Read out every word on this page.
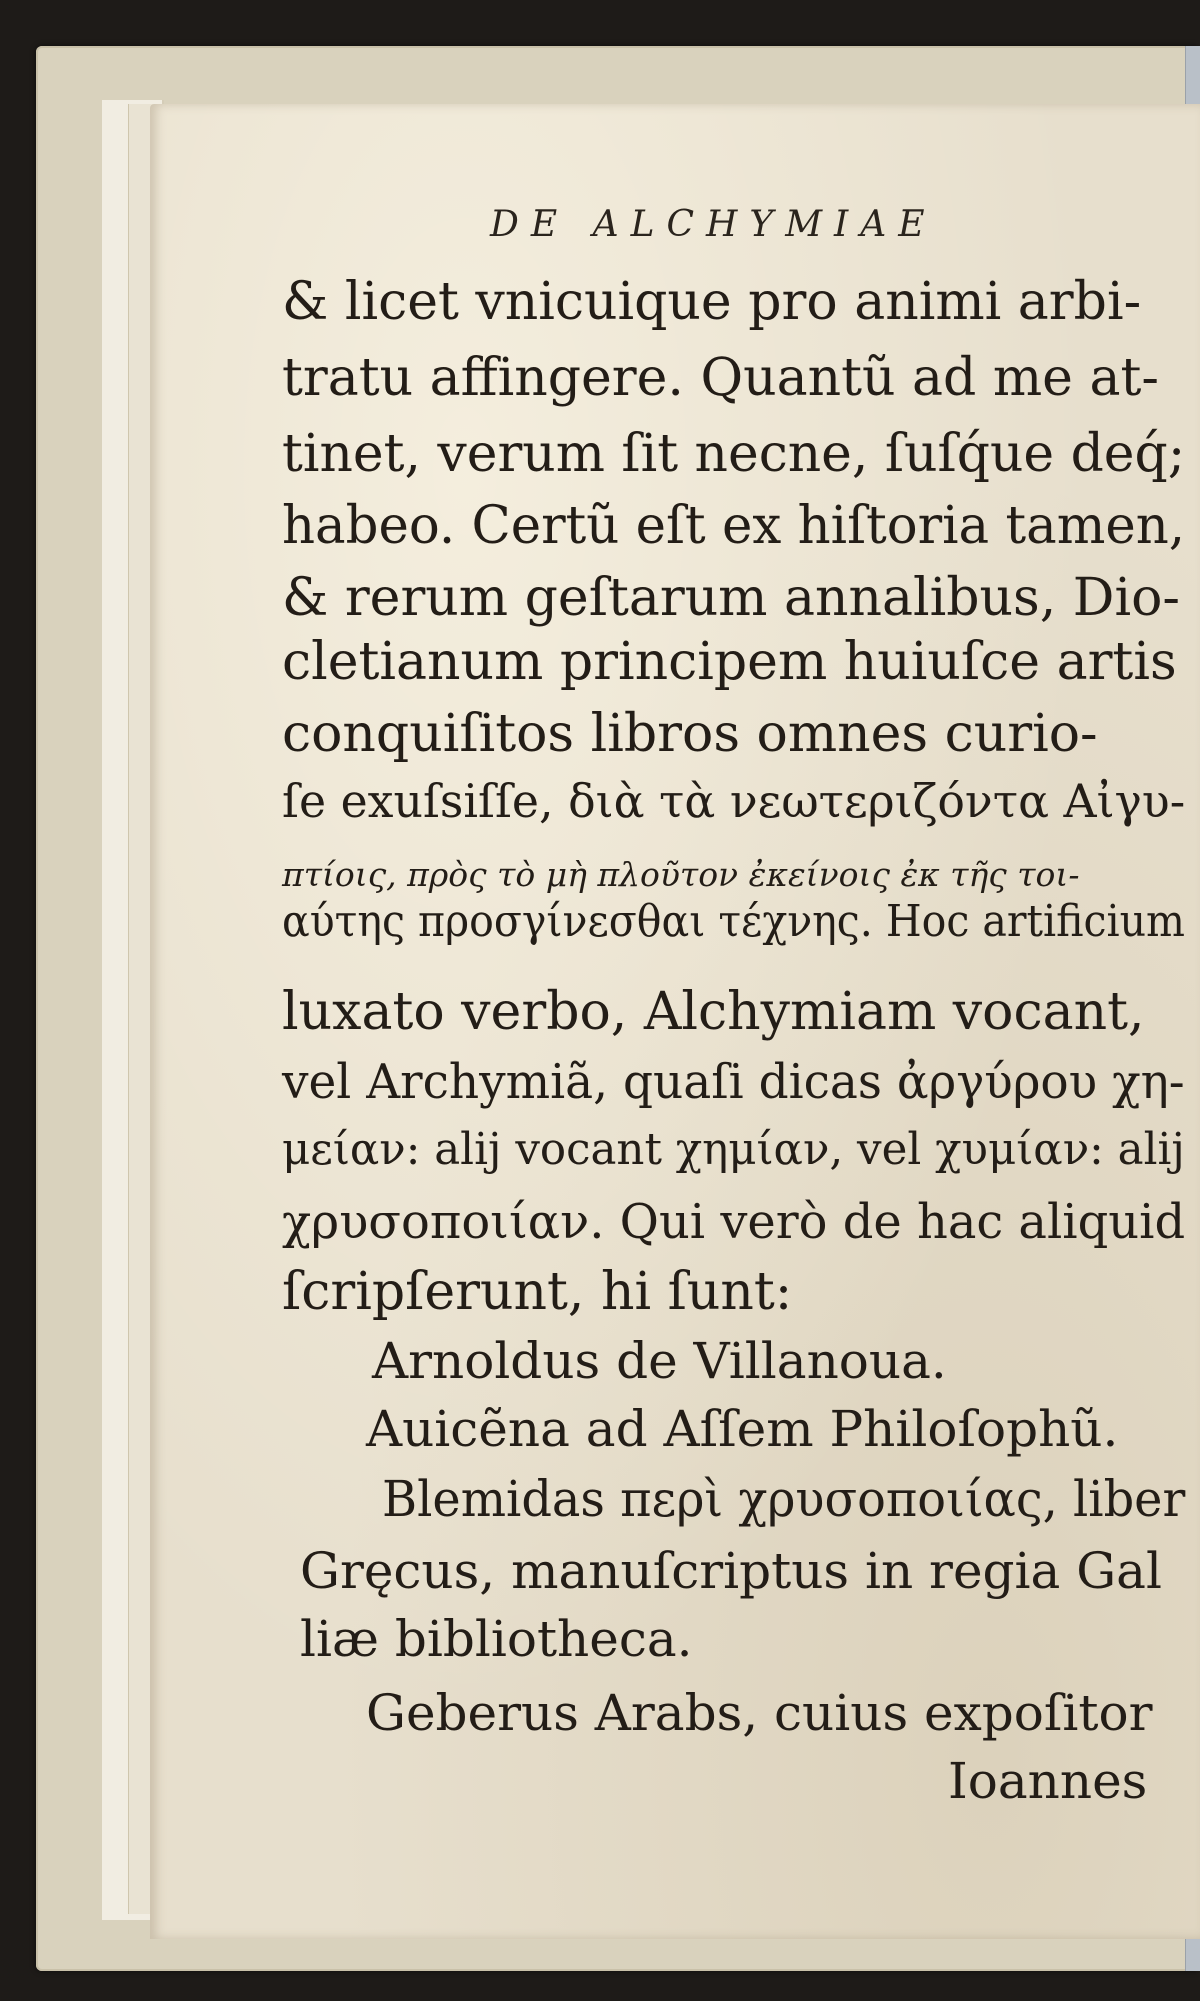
DE ALCHYMIAE
& licet vnicuique pro animi arbi-
tratu affingere. Quantũ ad me at-
tinet, verum ſit necne, ſuſq́ue deq́;
habeo. Certũ eſt ex hiſtoria tamen,
& rerum geſtarum annalibus, Dio-
cletianum principem huiuſce artis
conquiſitos libros omnes curio-
ſe exuſsiſſe, διὰ τὰ νεωτεριζόντα Αἰγυ-
πτίοις, πρὸς τὸ μὴ πλοῦτον ἐκείνοις ἐκ τῆς τοι-
αύτης προσγίνεσθαι τέχνης. Hoc artificium
luxato verbo, Alchymiam vocant,
vel Archymiã, quaſi dicas ἀργύρου χη-
μείαν: alij vocant χημίαν, vel χυμίαν: alij
χρυσοποιίαν. Qui verò de hac aliquid
ſcripſerunt, hi ſunt:
Arnoldus de Villanoua.
Auicẽna ad Aſſem Philoſophũ.
Blemidas περὶ χρυσοποιίας, liber
Gręcus, manuſcriptus in regia Gal
liæ bibliotheca.
Geberus Arabs, cuius expoſitor
Ioannes
